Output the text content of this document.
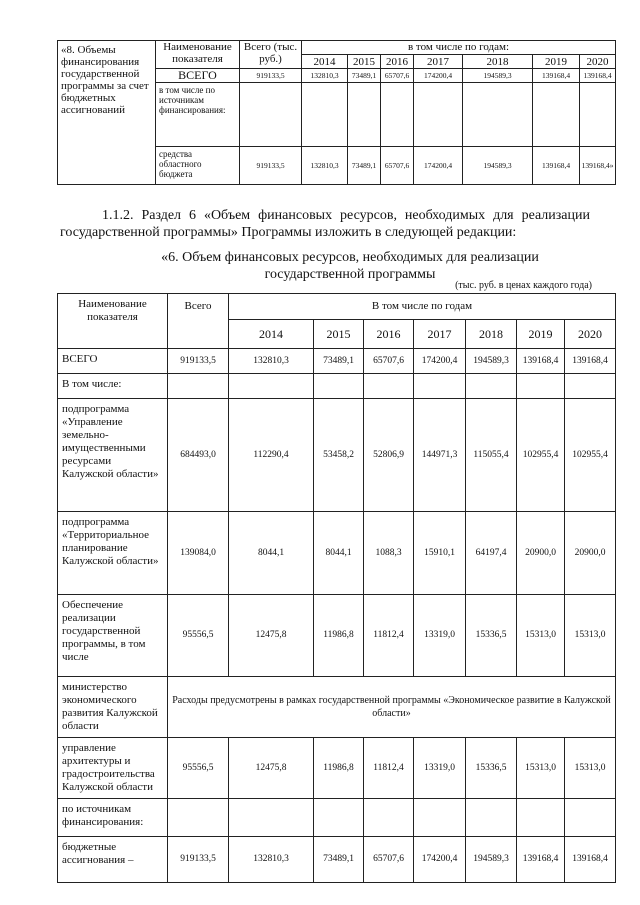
«8. Объемы финансирования государственной программы за счет бюджетных ассигнований	Наименование показателя	Всего (тыс. руб.)	в том числе по годам:						
			2014	2015	2016	2017	2018	2019	2020
	ВСЕГО	919133,5	132810,3	73489,1	65707,6	174200,4	194589,3	139168,4	139168,4
	в том числе по источникам финансирования:								
	средства областного бюджета	919133,5	132810,3	73489,1	65707,6	174200,4	194589,3	139168,4	139168,4»
1.1.2. Раздел 6 «Объем финансовых ресурсов, необходимых для реализации государственной программы» Программы изложить в следующей редакции:
«6. Объем финансовых ресурсов, необходимых для реализации государственной программы
(тыс. руб. в ценах каждого года)
Наименование показателя	Всего	В том числе по годам						
		2014	2015	2016	2017	2018	2019	2020
ВСЕГО	919133,5	132810,3	73489,1	65707,6	174200,4	194589,3	139168,4	139168,4
В том числе:								
подпрограмма «Управление земельно-имущественными ресурсами Калужской области»	684493,0	112290,4	53458,2	52806,9	144971,3	115055,4	102955,4	102955,4
подпрограмма «Территориальное планирование Калужской области»	139084,0	8044,1	8044,1	1088,3	15910,1	64197,4	20900,0	20900,0
Обеспечение реализации государственной программы, в том числе	95556,5	12475,8	11986,8	11812,4	13319,0	15336,5	15313,0	15313,0
министерство экономического развития Калужской области	Расходы предусмотрены в рамках государственной программы «Экономическое развитие в Калужской области»							
управление архитектуры и градостроительства Калужской области	95556,5	12475,8	11986,8	11812,4	13319,0	15336,5	15313,0	15313,0
по источникам финансирования:								
бюджетные ассигнования –	919133,5	132810,3	73489,1	65707,6	174200,4	194589,3	139168,4	139168,4
